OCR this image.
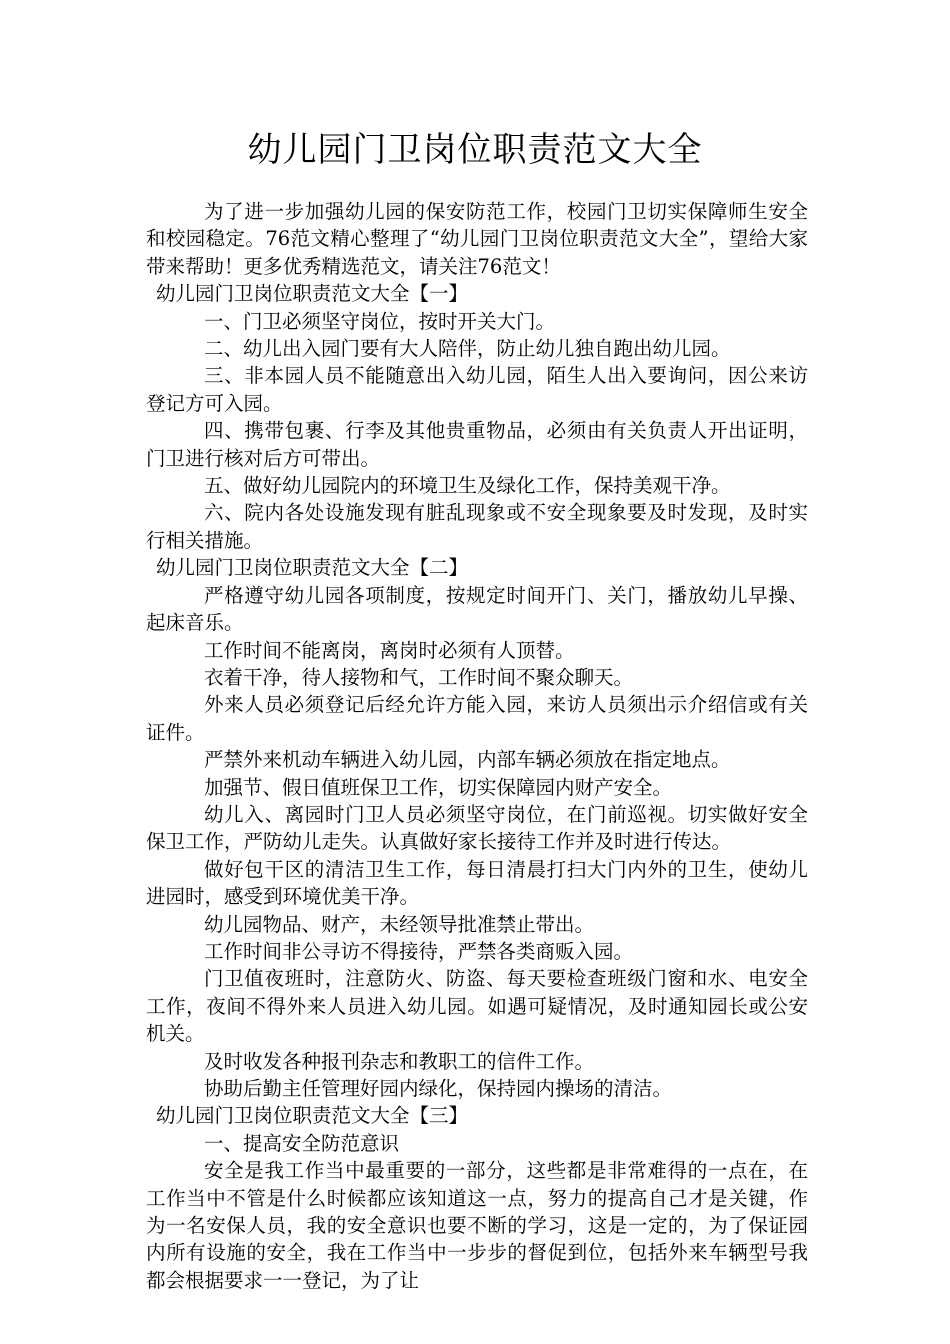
幼儿园门卫岗位职责范文大全

为了进一步加强幼儿园的保安防范工作，校园门卫切实保障师生安全和校园稳定。76范文精心整理了“幼儿园门卫岗位职责范文大全”，望给大家带来帮助！更多优秀精选范文，请关注76范文！

幼儿园门卫岗位职责范文大全【一】

一、门卫必须坚守岗位，按时开关大门。

二、幼儿出入园门要有大人陪伴，防止幼儿独自跑出幼儿园。

三、非本园人员不能随意出入幼儿园，陌生人出入要询问，因公来访登记方可入园。

四、携带包裹、行李及其他贵重物品，必须由有关负责人开出证明，门卫进行核对后方可带出。

五、做好幼儿园院内的环境卫生及绿化工作，保持美观干净。

六、院内各处设施发现有脏乱现象或不安全现象要及时发现，及时实行相关措施。

幼儿园门卫岗位职责范文大全【二】

严格遵守幼儿园各项制度，按规定时间开门、关门，播放幼儿早操、起床音乐。

工作时间不能离岗，离岗时必须有人顶替。

衣着干净，待人接物和气，工作时间不聚众聊天。

外来人员必须登记后经允许方能入园，来访人员须出示介绍信或有关证件。

严禁外来机动车辆进入幼儿园，内部车辆必须放在指定地点。

加强节、假日值班保卫工作，切实保障园内财产安全。

幼儿入、离园时门卫人员必须坚守岗位，在门前巡视。切实做好安全保卫工作，严防幼儿走失。认真做好家长接待工作并及时进行传达。

做好包干区的清洁卫生工作，每日清晨打扫大门内外的卫生，使幼儿进园时，感受到环境优美干净。

幼儿园物品、财产，未经领导批准禁止带出。

工作时间非公寻访不得接待，严禁各类商贩入园。

门卫值夜班时，注意防火、防盗、每天要检查班级门窗和水、电安全工作，夜间不得外来人员进入幼儿园。如遇可疑情况，及时通知园长或公安机关。

及时收发各种报刊杂志和教职工的信件工作。

协助后勤主任管理好园内绿化，保持园内操场的清洁。

幼儿园门卫岗位职责范文大全【三】

一、提高安全防范意识

安全是我工作当中最重要的一部分，这些都是非常难得的一点在，在工作当中不管是什么时候都应该知道这一点，努力的提高自己才是关键，作为一名安保人员，我的安全意识也要不断的学习，这是一定的，为了保证园内所有设施的安全，我在工作当中一步步的督促到位，包括外来车辆型号我都会根据要求一一登记，为了让
